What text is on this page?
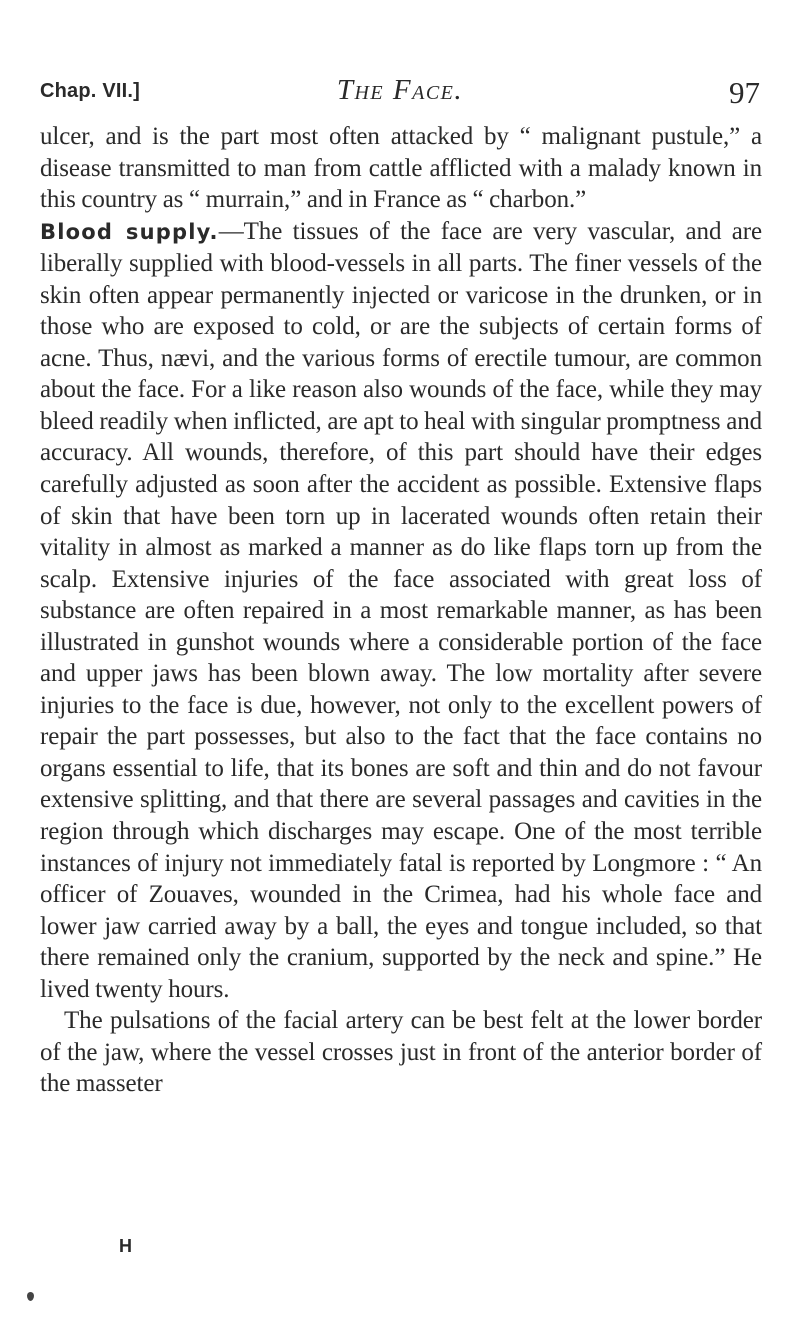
Chap. VII.]	The Face.	97

ulcer, and is the part most often attacked by “ malignant pustule,” a disease transmitted to man from cattle afflicted with a malady known in this country as “ murrain,” and in France as “ charbon.”

Blood supply.—The tissues of the face are very vascular, and are liberally supplied with blood-vessels in all parts. The finer vessels of the skin often appear permanently injected or varicose in the drunken, or in those who are exposed to cold, or are the subjects of certain forms of acne. Thus, nævi, and the various forms of erectile tumour, are common about the face. For a like reason also wounds of the face, while they may bleed readily when inflicted, are apt to heal with singular promptness and accuracy. All wounds, therefore, of this part should have their edges carefully adjusted as soon after the accident as possible. Extensive flaps of skin that have been torn up in lacerated wounds often retain their vitality in almost as marked a manner as do like flaps torn up from the scalp. Extensive injuries of the face associated with great loss of substance are often repaired in a most remarkable manner, as has been illustrated in gunshot wounds where a considerable portion of the face and upper jaws has been blown away. The low mortality after severe injuries to the face is due, however, not only to the excellent powers of repair the part possesses, but also to the fact that the face contains no organs essential to life, that its bones are soft and thin and do not favour extensive splitting, and that there are several passages and cavities in the region through which discharges may escape. One of the most terrible instances of injury not immediately fatal is reported by Longmore : “ An officer of Zouaves, wounded in the Crimea, had his whole face and lower jaw carried away by a ball, the eyes and tongue included, so that there remained only the cranium, supported by the neck and spine.” He lived twenty hours.

The pulsations of the facial artery can be best felt at the lower border of the jaw, where the vessel crosses just in front of the anterior border of the masseter

H
